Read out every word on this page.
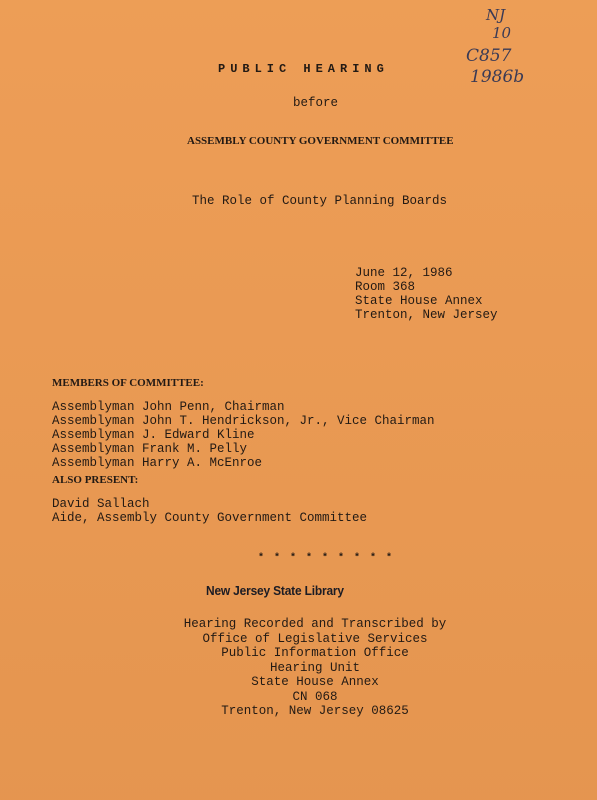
NJ
10
C857
1986b
PUBLIC HEARING
before
ASSEMBLY COUNTY GOVERNMENT COMMITTEE
The Role of County Planning Boards
June 12, 1986
Room 368
State House Annex
Trenton, New Jersey
MEMBERS OF COMMITTEE:
Assemblyman John Penn, Chairman
Assemblyman John T. Hendrickson, Jr., Vice Chairman
Assemblyman J. Edward Kline
Assemblyman Frank M. Pelly
Assemblyman Harry A. McEnroe
ALSO PRESENT:
David Sallach
Aide, Assembly County Government Committee
* * * * * * * * *
New Jersey State Library
Hearing Recorded and Transcribed by
Office of Legislative Services
Public Information Office
Hearing Unit
State House Annex
CN 068
Trenton, New Jersey 08625
